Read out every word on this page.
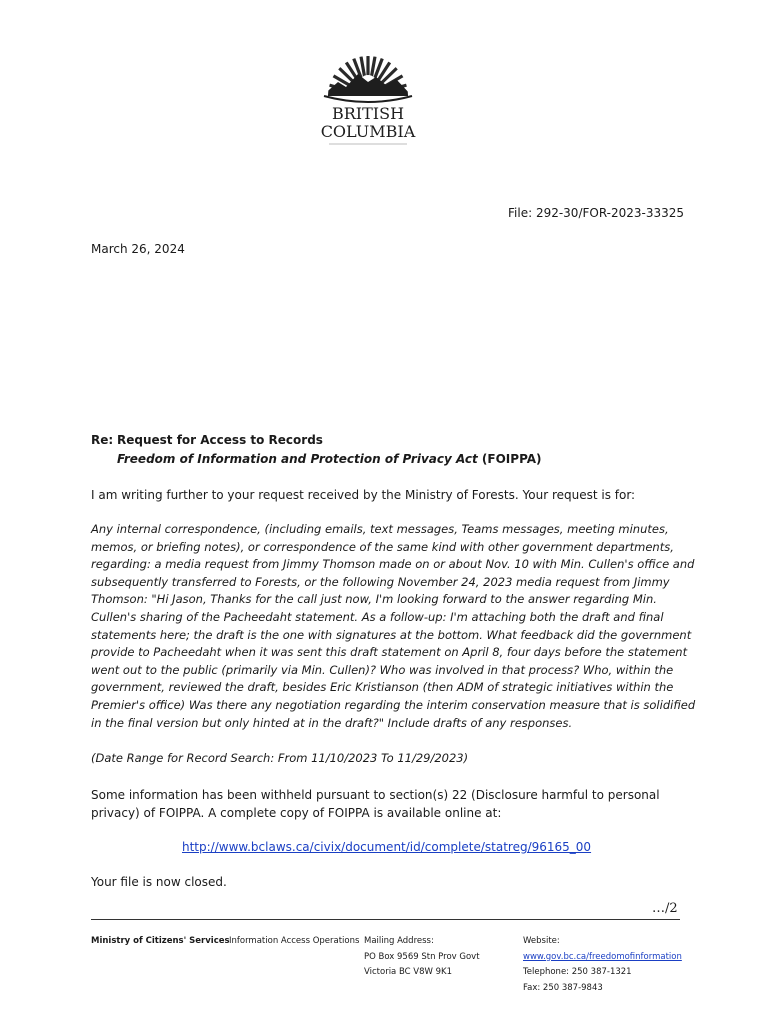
BRITISH
COLUMBIA
File: 292-30/FOR-2023-33325
March 26, 2024
Re: Request for Access to Records
Freedom of Information and Protection of Privacy Act (FOIPPA)
I am writing further to your request received by the Ministry of Forests. Your request is for:
Any internal correspondence, (including emails, text messages, Teams messages, meeting minutes,
memos, or briefing notes), or correspondence of the same kind with other government departments,
regarding: a media request from Jimmy Thomson made on or about Nov. 10 with Min. Cullen's office and
subsequently transferred to Forests, or the following November 24, 2023 media request from Jimmy
Thomson: "Hi Jason, Thanks for the call just now, I'm looking forward to the answer regarding Min.
Cullen's sharing of the Pacheedaht statement. As a follow-up: I'm attaching both the draft and final
statements here; the draft is the one with signatures at the bottom. What feedback did the government
provide to Pacheedaht when it was sent this draft statement on April 8, four days before the statement
went out to the public (primarily via Min. Cullen)? Who was involved in that process? Who, within the
government, reviewed the draft, besides Eric Kristianson (then ADM of strategic initiatives within the
Premier's office) Was there any negotiation regarding the interim conservation measure that is solidified
in the final version but only hinted at in the draft?" Include drafts of any responses.
(Date Range for Record Search: From 11/10/2023 To 11/29/2023)
Some information has been withheld pursuant to section(s) 22 (Disclosure harmful to personal
privacy) of FOIPPA. A complete copy of FOIPPA is available online at:
http://www.bclaws.ca/civix/document/id/complete/statreg/96165_00
Your file is now closed.
…/2
Ministry of Citizens' Services Information Access Operations Mailing Address:
PO Box 9569 Stn Prov Govt
Victoria BC V8W 9K1
Website:
www.gov.bc.ca/freedomofinformation
Telephone: 250 387-1321
Fax: 250 387-9843
